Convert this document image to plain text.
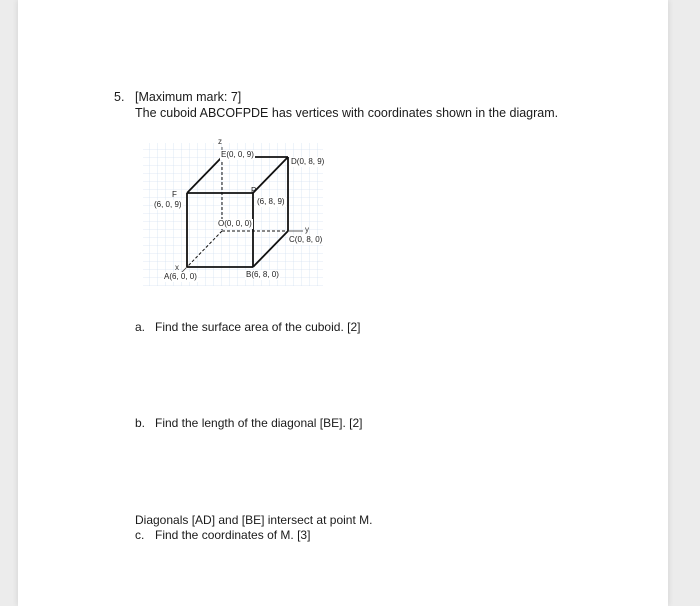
5. [Maximum mark: 7]
The cuboid ABCOFPDE has vertices with coordinates shown in the diagram.
z
y
x
E(0, 0, 9)
D(0, 8, 9)
F
(6, 0, 9)
P
(6, 8, 9)
O(0, 0, 0)
C(0, 8, 0)
A(6, 0, 0)	B(6, 8, 0)
a. Find the surface area of the cuboid. [2]
b. Find the length of the diagonal [BE]. [2]
Diagonals [AD] and [BE] intersect at point M.
c. Find the coordinates of M. [3]
